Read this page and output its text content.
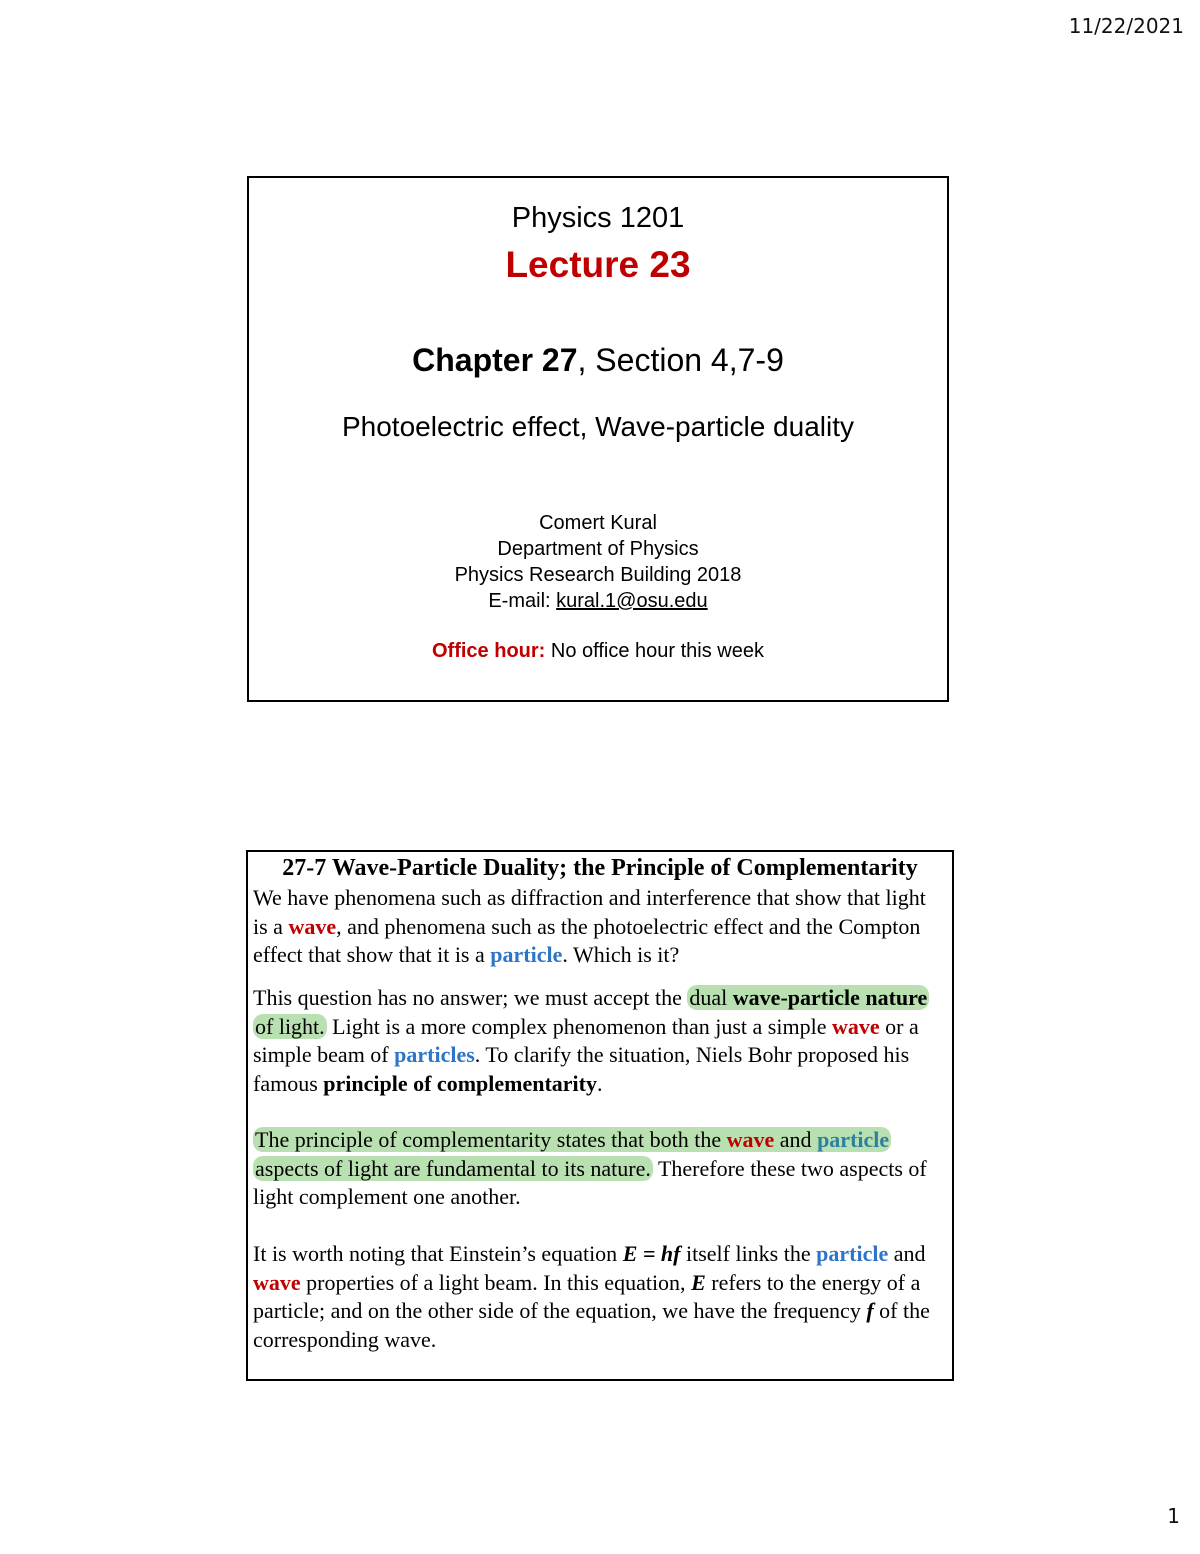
11/22/2021
Physics 1201
Lecture 23
Chapter 27, Section 4,7-9
Photoelectric effect, Wave-particle duality
Comert Kural
Department of Physics
Physics Research Building 2018
E-mail: kural.1@osu.edu
Office hour: No office hour this week
27-7 Wave-Particle Duality; the Principle of Complementarity

We have phenomena such as diffraction and interference that show that light is a wave, and phenomena such as the photoelectric effect and the Compton effect that show that it is a particle. Which is it?

This question has no answer; we must accept the dual wave-particle nature of light. Light is a more complex phenomenon than just a simple wave or a simple beam of particles. To clarify the situation, Niels Bohr proposed his famous principle of complementarity.

The principle of complementarity states that both the wave and particle aspects of light are fundamental to its nature. Therefore these two aspects of light complement one another.

It is worth noting that Einstein’s equation E = hf itself links the particle and wave properties of a light beam. In this equation, E refers to the energy of a particle; and on the other side of the equation, we have the frequency f of the corresponding wave.

1
